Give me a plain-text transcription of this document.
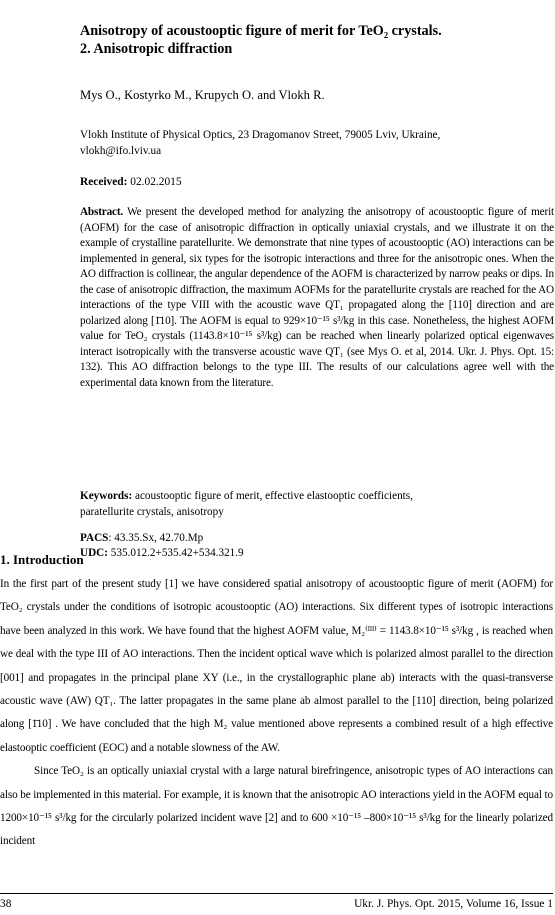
Anisotropy of acoustooptic figure of merit for TeO₂ crystals.
2. Anisotropic diffraction
Mys O., Kostyrko M., Krupych O. and Vlokh R.
Vlokh Institute of Physical Optics, 23 Dragomanov Street, 79005 Lviv, Ukraine,
vlokh@ifo.lviv.ua
Received: 02.02.2015
Abstract. We present the developed method for analyzing the anisotropy of acoustooptic figure of merit (AOFM) for the case of anisotropic diffraction in optically uniaxial crystals, and we illustrate it on the example of crystalline paratellurite. We demonstrate that nine types of acoustooptic (AO) interactions can be implemented in general, six types for the isotropic interactions and three for the anisotropic ones. When the AO diffraction is collinear, the angular dependence of the AOFM is characterized by narrow peaks or dips. In the case of anisotropic diffraction, the maximum AOFMs for the paratellurite crystals are reached for the AO interactions of the type VIII with the acoustic wave QT₁ propagated along the [110] direction and are polarized along [1̄10]. The AOFM is equal to 929×10⁻¹⁵ s³/kg in this case. Nonetheless, the highest AOFM value for TeO₂ crystals (1143.8×10⁻¹⁵ s³/kg) can be reached when linearly polarized optical eigenwaves interact isotropically with the transverse acoustic wave QT₁ (see Mys O. et al, 2014. Ukr. J. Phys. Opt. 15: 132). This AO diffraction belongs to the type III. The results of our calculations agree well with the experimental data known from the literature.
Keywords: acoustooptic figure of merit, effective elastooptic coefficients,
paratellurite crystals, anisotropy
PACS: 43.35.Sx, 42.70.Mp
UDC: 535.012.2+535.42+534.321.9
1. Introduction

In the first part of the present study [1] we have considered spatial anisotropy of acoustooptic figure of merit (AOFM) for TeO₂ crystals under the conditions of isotropic acoustooptic (AO) interactions. Six different types of isotropic interactions have been analyzed in this work. We have found that the highest AOFM value, M₂⁽ᴵᴵᴵ⁾ = 1143.8×10⁻¹⁵ s³/kg , is reached when we deal with the type III of AO interactions. Then the incident optical wave which is polarized almost parallel to the direction [001] and propagates in the principal plane XY (i.e., in the crystallographic plane ab) interacts with the quasi-transverse acoustic wave (AW) QT₁. The latter propagates in the same plane ab almost parallel to the [110] direction, being polarized along [1̄10] . We have concluded that the high M₂ value mentioned above represents a combined result of a high effective elastooptic coefficient (EOC) and a notable slowness of the AW.

Since TeO₂ is an optically uniaxial crystal with a large natural birefringence, anisotropic types of AO interactions can also be implemented in this material. For example, it is known that the anisotropic AO interactions yield in the AOFM equal to 1200×10⁻¹⁵ s³/kg for the circularly polarized incident wave [2] and to 600 ×10⁻¹⁵ –800×10⁻¹⁵ s³/kg for the linearly polarized incident

38	Ukr. J. Phys. Opt. 2015, Volume 16, Issue 1
